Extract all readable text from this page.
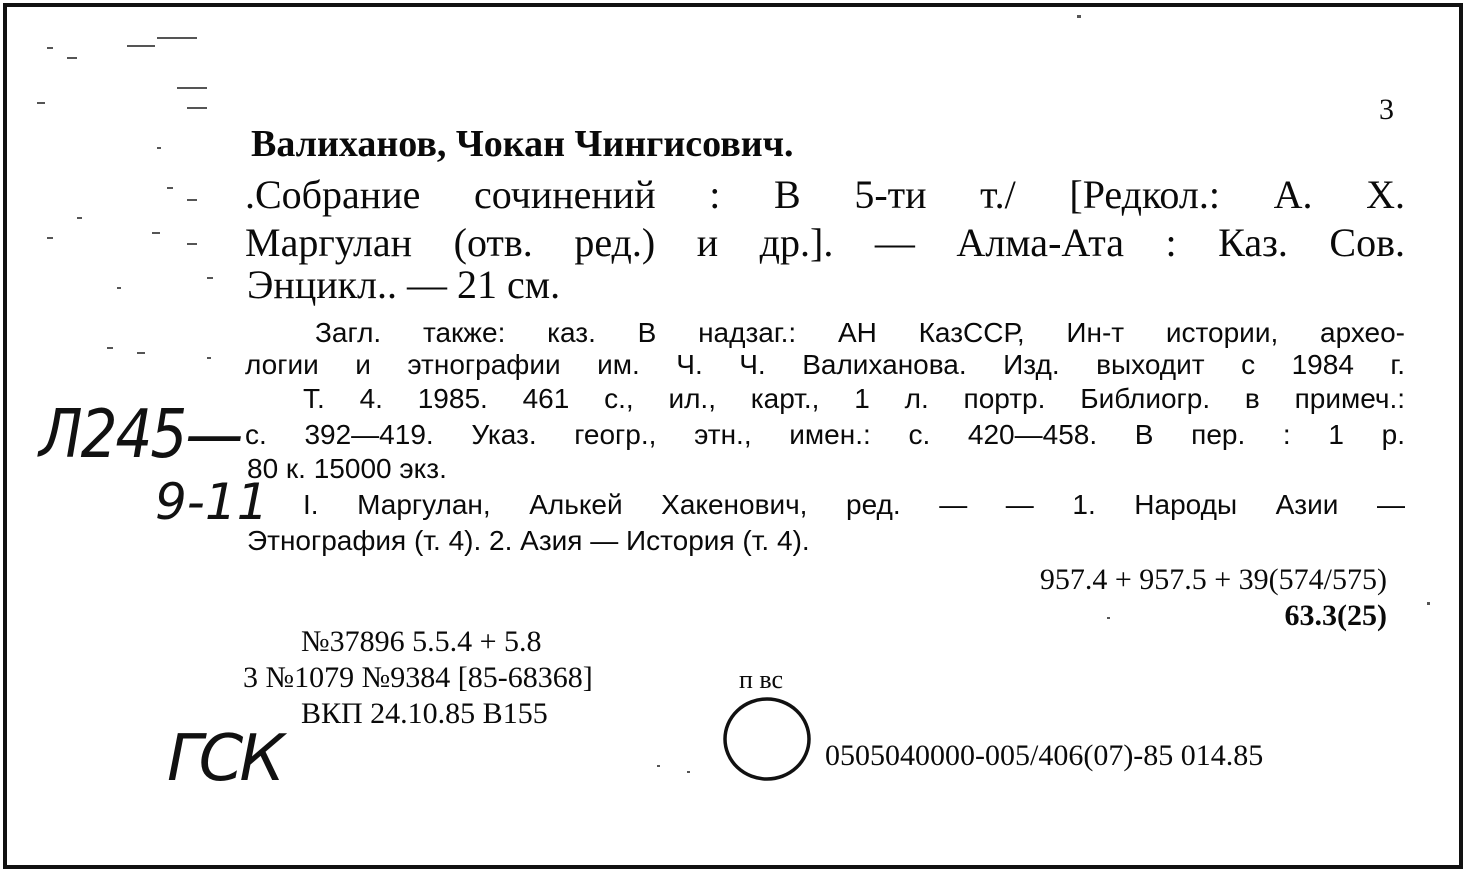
3
Валиханов, Чокан Чингисович.
.Собрание сочинений : В 5-ти т./ [Редкол.: А. Х.
Маргулан (отв. ред.) и др.]. — Алма-Ата : Каз. Сов.
Энцикл.. — 21 см.
Загл. также: каз. В надзаг.: АН КазССР, Ин-т истории, архео-
логии и этнографии им. Ч. Ч. Валиханова. Изд. выходит с 1984 г.
Т. 4. 1985. 461 с., ил., карт., 1 л. портр. Библиогр. в примеч.:
с. 392—419. Указ. геогр., этн., имен.: с. 420—458. В пер. : 1 р.
80 к. 15000 экз.
I. Маргулан, Алькей Хакенович, ред. — — 1. Народы Азии —
Этнография (т. 4). 2. Азия — История (т. 4).
957.4 + 957.5 + 39(574/575)
63.3(25)
№37896 5.5.4 + 5.8
3 №1079 №9384 [85-68368]	п вс
ВКП 24.10.85 В155
0505040000-005/406(07)-85 014.85
Л245—
9-11
ГСК
